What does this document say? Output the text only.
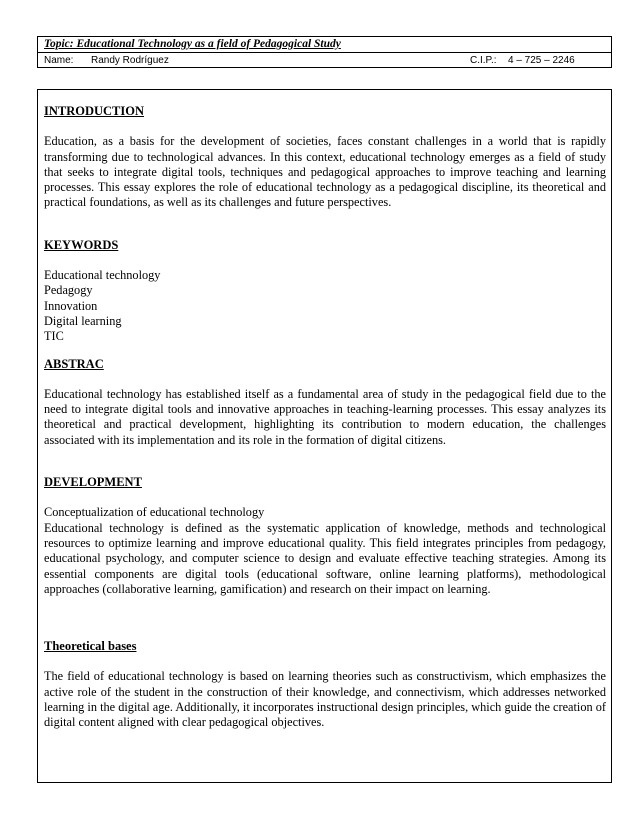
Topic: Educational Technology as a field of Pedagogical Study
Name: Randy Rodríguez	C.I.P.: 4 – 725 – 2246
INTRODUCTION

Education, as a basis for the development of societies, faces constant challenges in a world that is rapidly transforming due to technological advances. In this context, educational technology emerges as a field of study that seeks to integrate digital tools, techniques and pedagogical approaches to improve teaching and learning processes. This essay explores the role of educational technology as a pedagogical discipline, its theoretical and practical foundations, as well as its challenges and future perspectives.

KEYWORDS
Educational technology
Pedagogy
Innovation
Digital learning
TIC
ABSTRAC

Educational technology has established itself as a fundamental area of study in the pedagogical field due to the need to integrate digital tools and innovative approaches in teaching-learning processes. This essay analyzes its theoretical and practical development, highlighting its contribution to modern education, the challenges associated with its implementation and its role in the formation of digital citizens.

DEVELOPMENT
Conceptualization of educational technology

Educational technology is defined as the systematic application of knowledge, methods and technological resources to optimize learning and improve educational quality. This field integrates principles from pedagogy, educational psychology, and computer science to design and evaluate effective teaching strategies. Among its essential components are digital tools (educational software, online learning platforms), methodological approaches (collaborative learning, gamification) and research on their impact on learning.

Theoretical bases

The field of educational technology is based on learning theories such as constructivism, which emphasizes the active role of the student in the construction of their knowledge, and connectivism, which addresses networked learning in the digital age. Additionally, it incorporates instructional design principles, which guide the creation of digital content aligned with clear pedagogical objectives.
